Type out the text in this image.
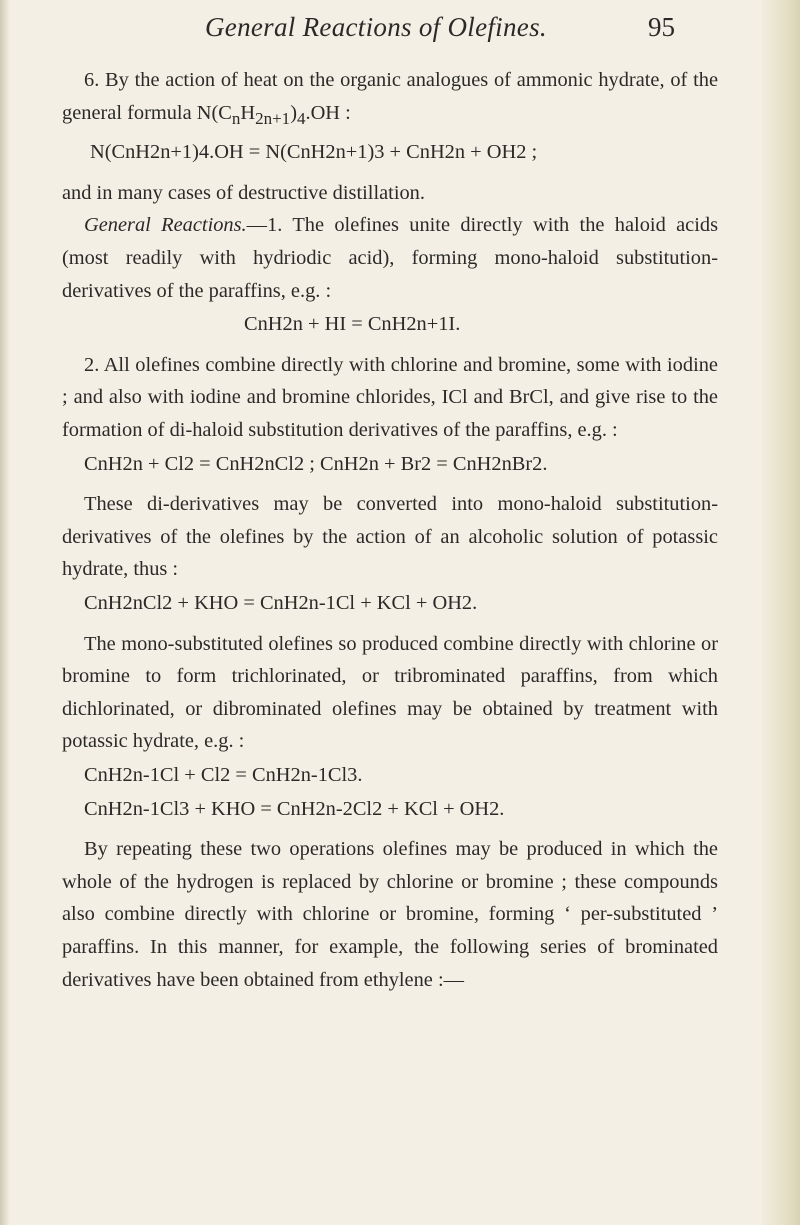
General Reactions of Olefines.	95

6. By the action of heat on the organic analogues of ammonic hydrate, of the general formula $N(C_nH_{2n+1})_4.OH$ :

N(CnH2n+1)4.OH = N(CnH2n+1)3 + CnH2n + OH2 ;

and in many cases of destructive distillation.

General Reactions.—1. The olefines unite directly with the haloid acids (most readily with hydriodic acid), forming mono-haloid substitution-derivatives of the paraffins, e.g. :

CnH2n + HI = CnH2n+1I.

2. All olefines combine directly with chlorine and bromine, some with iodine ; and also with iodine and bromine chlorides, ICl and BrCl, and give rise to the formation of di-haloid substitution derivatives of the paraffins, e.g. :

CnH2n + Cl2 = CnH2nCl2 ; CnH2n + Br2 = CnH2nBr2.

These di-derivatives may be converted into mono-haloid substitution-derivatives of the olefines by the action of an alcoholic solution of potassic hydrate, thus :

CnH2nCl2 + KHO = CnH2n-1Cl + KCl + OH2.

The mono-substituted olefines so produced combine directly with chlorine or bromine to form trichlorinated, or tribrominated paraffins, from which dichlorinated, or dibrominated olefines may be obtained by treatment with potassic hydrate, e.g. :

CnH2n-1Cl + Cl2 = CnH2n-1Cl3.

CnH2n-1Cl3 + KHO = CnH2n-2Cl2 + KCl + OH2.

By repeating these two operations olefines may be produced in which the whole of the hydrogen is replaced by chlorine or bromine ; these compounds also combine directly with chlorine or bromine, forming ‘ per-substituted ’ paraffins. In this manner, for example, the following series of brominated derivatives have been obtained from ethylene :—
